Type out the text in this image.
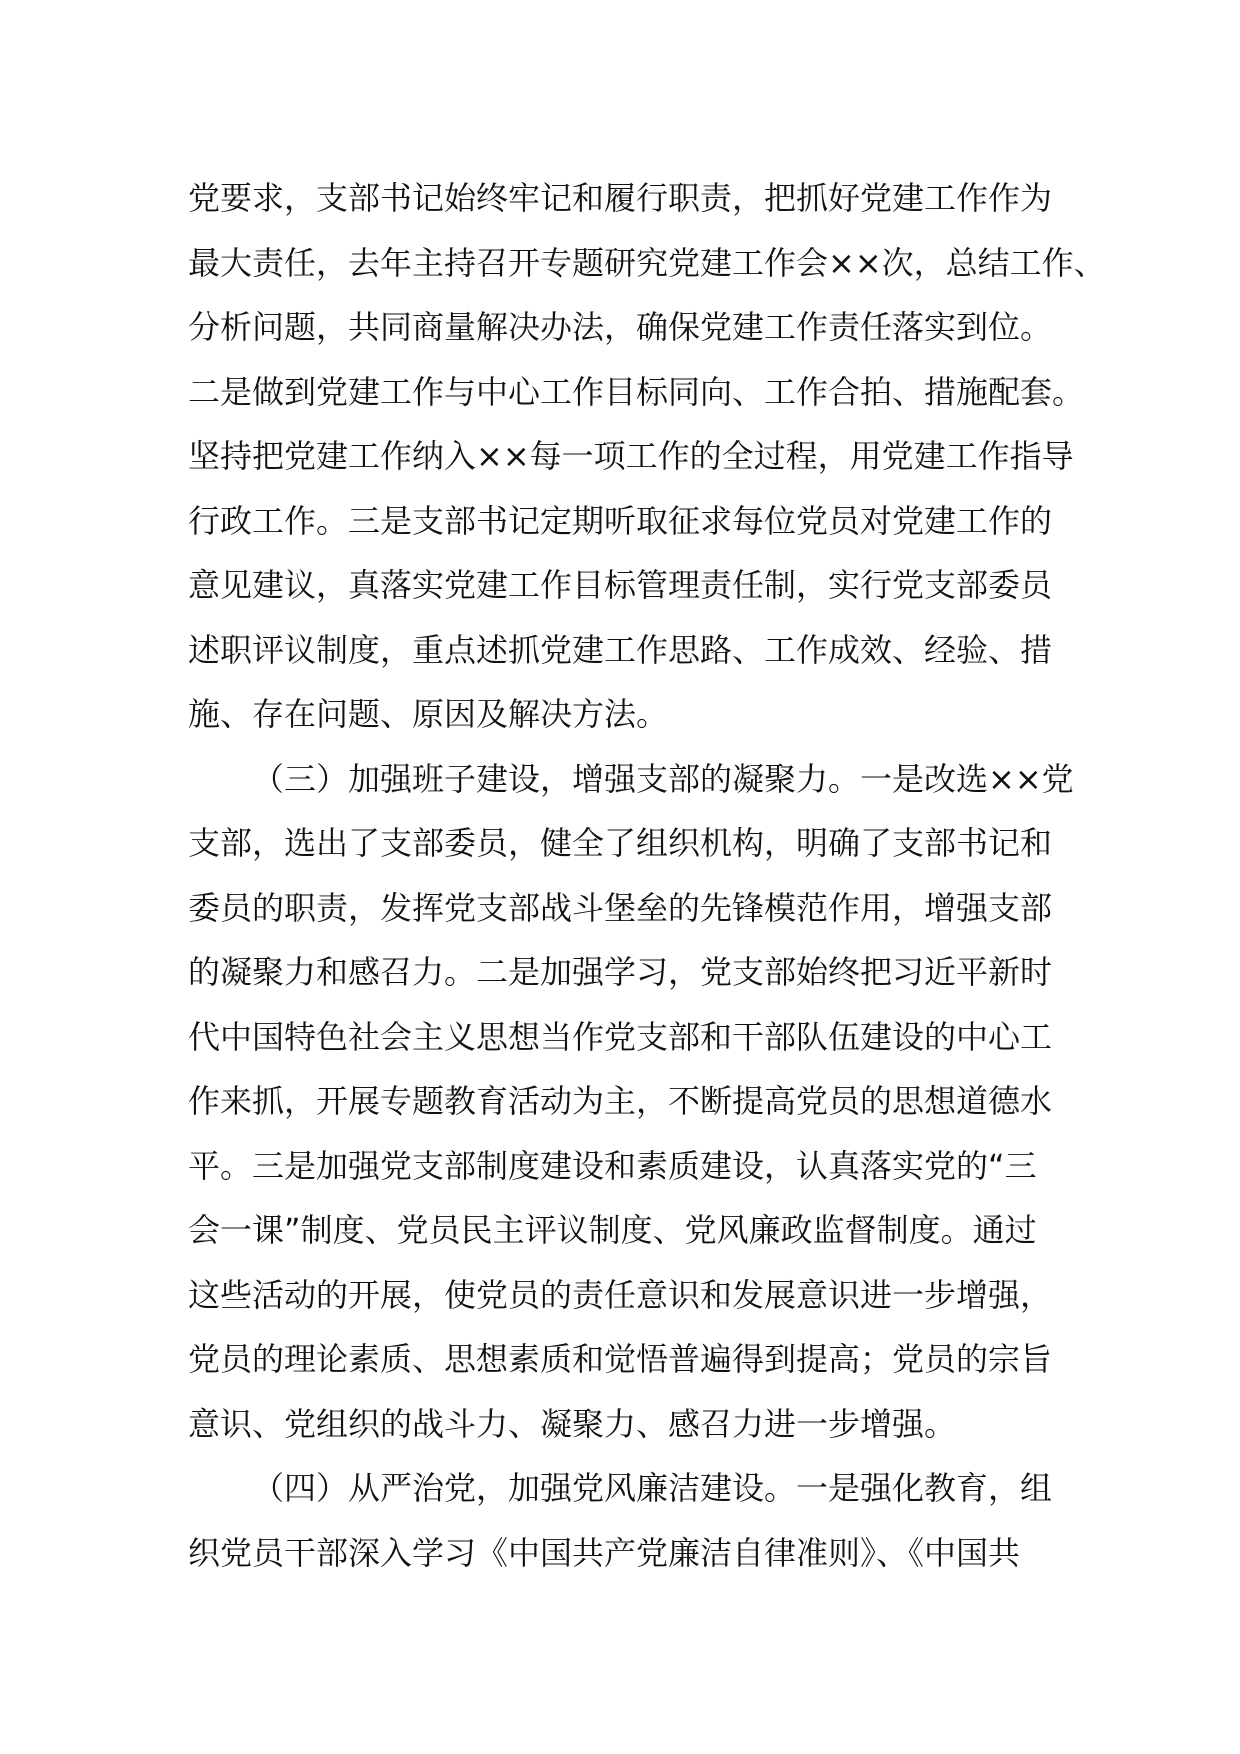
党要求，支部书记始终牢记和履行职责，把抓好党建工作作为
最大责任，去年主持召开专题研究党建工作会××次，总结工作、
分析问题，共同商量解决办法，确保党建工作责任落实到位。
二是做到党建工作与中心工作目标同向、工作合拍、措施配套。
坚持把党建工作纳入××每一项工作的全过程，用党建工作指导
行政工作。三是支部书记定期听取征求每位党员对党建工作的
意见建议，真落实党建工作目标管理责任制，实行党支部委员
述职评议制度，重点述抓党建工作思路、工作成效、经验、措
施、存在问题、原因及解决方法。
（三）加强班子建设，增强支部的凝聚力。一是改选××党
支部，选出了支部委员，健全了组织机构，明确了支部书记和
委员的职责，发挥党支部战斗堡垒的先锋模范作用，增强支部
的凝聚力和感召力。二是加强学习，党支部始终把习近平新时
代中国特色社会主义思想当作党支部和干部队伍建设的中心工
作来抓，开展专题教育活动为主，不断提高党员的思想道德水
平。三是加强党支部制度建设和素质建设，认真落实党的“三
会一课”制度、党员民主评议制度、党风廉政监督制度。通过
这些活动的开展，使党员的责任意识和发展意识进一步增强，
党员的理论素质、思想素质和觉悟普遍得到提高；党员的宗旨
意识、党组织的战斗力、凝聚力、感召力进一步增强。
（四）从严治党，加强党风廉洁建设。一是强化教育，组
织党员干部深入学习《中国共产党廉洁自律准则》、《中国共
